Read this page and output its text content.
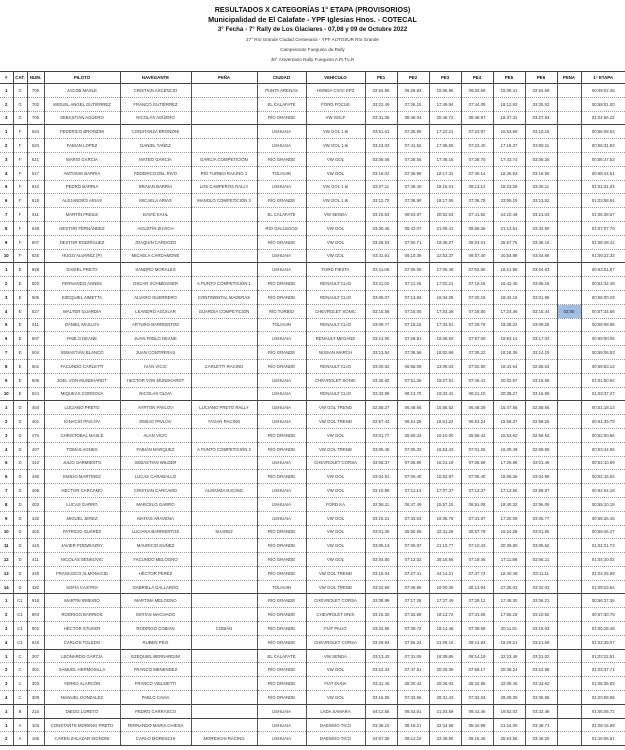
RESULTADOS X CATEGORÍAS 1° ETAPA (PROVISORIOS)
Municipalidad de El Calafate - YPF Iglesias Hnos. - COTECAL
3° Fecha - 7° Rally de Los Glaciares - 07,08 y 09 de Octubre 2022
27° Río Grande Ciudad Centenaria - YPF AUTOSUR Río Grande
Campeonato Fueguino de Rally
30° Aniversario Rally Fueguino A.Pi.Tu.R
#	CAT.	NÚM.	PILOTO	NAVEGANTE	PEÑA	CIUDAD	VEHÍCULO	PE1	PE2	PE3	PE4	PE5	PE6	PENA	1° ETAPA
1	G	706	JACOB MASLE	CRISTIAN ASCENCIO		PUNTA ARENAS	HONDA CIVIC EP3	02:52.86	06:28.84	15:06.96	06:32.69	15:08.41	02:52.69		00:49:02.45
2	G	702	MIGUEL ANGEL GUTIÉRREZ	FRANCO GUTIÉRREZ		EL CALAFATE	FORD FOCUS	03:22.46	07:26.15	17:49.94	07:44.09	19:12.83	03:25.53		00:59:01.00
3	G	705	SEBASTIÁN AGÜERO	NICOLÁS AGÜERO		RÍO GRANDE	VW GOLF	03:31.35	08:46.04	20:46.72	08:46.97	19:37.31	03:27.83		01:04:56.22
1	F	634	FEDERICO BRONZINI	CONSTANZA BRONZINI		USHUAIA	VW GOL 1.6i	03:51.61	07:26.90	17:22.21	07:23.97	16:53.69	03:10.15		00:56:08.53
2	F	633	FABIAN LOPEZ	DANIEL YAÑEZ		USHUAIA	VW GOL 1.6i	03:24.03	07:41.52	17:38.50	07:23.40	17:15.37	03:09.11		00:56:31.93
3	F	621	MARIO GARCÍA	MATEO GARCÍA	GARCÍA COMPETICIÓN	RÍO GRANDE	VW GOL	03:09.08	07:28.56	17:48.15	07:28.75	17:43.74	03:09.25		00:56:47.53
4	F	617	ANTONIO BARRÍA	FEDERICO DEL RIVO	RÍO TURBIO RACING 1	TOLHUIN	VW GOL	03:16.02	07:38.96	18:17.31	07:49.14	18:26.53	03:16.65		00:58:44.61
5	F	610	PEDRO BARRIA	BRAIAN BARRIA	LOS CAMPEROS RALLY	USHUAIA	VW GOL 1.6i	03:27.11	07:48.40	19:15.01	08:13.12	19:22.29	03:25.11		01:01:31.04
6	F	618	ALEJANDRO ARIAS	MICAELA ARIAS	MANOLO COMPETICIÓN 2	RÍO GRANDE	VW GOL 1.6i	03:12.70	07:38.90	18:17.55	07:36.78	23:59.19	03:13.52		01:03:58.64
7	F	611	MARTÍN FREILE	DAVID KAHL		EL CALAFATE	VW SENDA	03:19.83	08:03.97	20:02.63	07:41.62	24:10.49	03:21.03		01:06:39.57
8	F	638	NESTOR FERNÁNDEZ	AGUSTÍN ZUVICH		RÍO GALLEGOS	VW GOL	03:30.45	08:42.07	21:09.41	08:58.36	21:13.51	03:33.90		01:07:07.70
9	F	607	NESTOR RODRÍGUEZ	JOAQUÍN CARDOZO		RÍO GRANDE	VW GOL	03:25.53	07:50.71	18:35.27	08:03.01	26:57.75	03:36.15		01:08:28.42
10	F	625	HUGO ALVAREZ (P)	MICAELA CARDAMONE		USHUAIA	VW GOL	03:41.61	09:10.39	22:53.37	08:57.40	20:54.88	03:44.68		01:09:22.33
1	E	528	DANIEL PRETO	SANDRO MORALES		USHUAIA	FORD FIESTA	03:11.06	07:05.05	17:06.48	07:02.80	16:21.85	03:04.63		00:53:51.87
2	E	503	FERNANDO AGNES	OSCAR SCHMEISSER	A PUNTO COMPETICIÓN 1	RÍO GRANDE	RENAULT CLIO	03:11.02	07:11.46	17:02.21	07:19.18	16:42.40	03:06.18		00:54:32.45
3	E	506	EZEQUIEL AIMETTA	ALVARO GUERRERO	CONTINENTAL MADERAS	RÍO GRANDE	RENAULT CLIO	03:08.07	07:13.84	16:34.08	07:20.19	18:42.15	03:01.96		00:56:00.29
4	E	527	WALTER GUARDIA	LEANDRO AGUILAR	GUARDIA COMPETICIÓN	RÍO TURBIO	CHEVROLET SONIC	03:15.58	07:16.00	17:04.28	07:18.80	17:24.46	03:15.44	02:00	00:57:34.56
5	E	511	DANIEL MASLOV	ARTURO BARRIENTOS		TOLHUIN	RENAULT CLIO	03:09.77	07:18.15	17:33.81	07:29.78	19:28.22	03:09.25		00:58:08.98
6	E	507	PABLO DEANE	JUAN PABLO DEANE		USHUAIA	RENAULT MEGANE	03:14.05	07:29.91	18:08.92	07:57.00	18:53.14	03:17.03		00:59:00.05
7	E	504	SEBASTIÁN BLANCO	JUAN CONTRERAS		RÍO GRANDE	NISSAN MARCH	03:13.54	07:38.56	19:02.66	07:39.22	18:18.36	03:14.19		00:59:06.53
8	E	501	FACUNDO CARLETTI	IVÁN VICIC	CARLETTI RACING	RÍO GRANDE	RENAULT CLIO	03:00.02	06:58.09	23:09.03	07:02.80	16:44.64	02:58.54		00:59:53.12
9	E	508	JOEL VON MUNDHARDT	HECTOR VON MUNDHARDT		USHUAIA	CHEVROLET SONIC	03:25.82	07:51.35	19:27.81	07:46.41	20:02.57	03:16.96		01:01:50.92
10	E	524	MIQUEAS CORDOVA	NICOLAS OLIVA		USHUAIA	RENAULT CLIO	03:33.89	08:13.70	19:33.41	08:21.10	20:38.27	03:16.90		01:03:37.27
1	D	404	LUCIANO PRETO	AYRTON PAVLOV	LUCIANO PRETO RALLY	USHUAIA	VW GOL TREND	02:58.27	06:48.65	15:56.52	06:48.29	15:47.85	02:58.55		00:51:18.13
2	D	401	IGNACIO PAVLOV	EMILIO PAVLOV	YAGAN RACING	USHUAIA	VW GOL TREND	02:57.42	06:51.29	16:01.22	06:53.24	15:58.37	02:58.25		00:51:39.79
3	D	475	CHRISTOBAL MASLE	ALAN VICIC		RÍO GRANDE	VW GOL	03:01.77	06:59.33	16:10.00	06:56.42	15:53.62	02:59.52		00:52:00.66
4	D	407	TOMÁS AGNES	FABIÁN MARQUEZ	A PUNTO COMPETICIÓN 2	RÍO GRANDE	VW GOL TREND	03:05.45	07:05.33	16:53.43	07:01.26	16:39.49	02:59.90		00:53:44.86
5	D	410	JULIO SARMIENTO	SEBASTIÁN WILDER		USHUAIA	CHEVROLET CORSA	03:06.37	07:05.90	16:21.19	07:05.69	17:29.99	03:01.45		00:54:10.59
6	D	438	EMILIO MARTÍNEZ	LUCAS CARABALLO		RÍO GRANDE	VW GOL	03:04.81	07:06.40	16:52.97	07:08.40	16:58.36	03:04.99		00:54:15.93
7	D	406	HECTOR CARCAMO	CRISTIAN CARCAMO	ALMANZA RACING	USHUAIA	VW GOL	03:10.89	07:11.14	17:07.37	07:12.37	17:12.55	02:59.87		00:54:54.19
8	D	403	LUCAS GARRO	MARCELO GARRO		USHUAIA	FORD KA	02:58.11	06:47.46	15:57.15	06:51.08	19:40.32	02:56.06		00:55:10.18
9	D	432	MIGUEL JEREZ	MATIAS ARAVENA		USHUAIA	VW GOL	03:19.21	07:33.63	19:35.78	07:31.97	17:20.09	03:05.77		00:58:26.45
10	D	402	PATRICIO SUÁREZ	LUCIANA BARRIENTOS	SUÁREZ	RÍO GRANDE	VW GOL	03:01.30	06:50.06	22:31.29	06:57.79	16:24.28	03:01.55		00:58:46.27
11	D	415	JAVIER PODWIAZNY	MAURICIO NUÑEZ		RÍO GRANDE	VW GOL	03:05.13	07:09.97	21:10.77	07:10.43	20:39.80	03:05.62		01:02:21.72
12	D	411	NICOLÁS SENKOVIC	FACUNDO MELOGNO		RÍO GRANDE	VW GOL	03:04.80	07:12.02	26:15.66	07:19.45	17:11.88	03:06.21		01:04:10.02
13	D	448	FRANCISCO ALMONACID	HÉCTOR PEREZ		RÍO GRANDE	VW GOL TREND	03:15.04	07:27.41	24:14.21	07:37.73	18:40.49	03:11.11		01:04:25.99
14	D	420	SOFÍA CASTRO	GABRIELA GALLARDO		TOLHUIN	VW GOL TREND	03:22.69	07:48.95	19:00.30	08:13.94	27:26.03	03:32.03		01:09:23.94
1	C1	918	MARTÍN IRIBURO	MARTINA MELOGNO		RÍO GRANDE	CHEVROLET CORSA	03:08.99	07:17.28	17:37.46	07:29.12	17:48.30	03:06.21		00:56:27.36
2	C1	903	RODRIGO BARRIOS	MATÍAS MACHADO		RÍO GRANDE	CHEVROLET ONIX	03:16.30	07:32.89	18:13.72	07:31.06	17:56.19	03:10.62		00:57:40.78
3	C1	902	HÉCTOR STUKER	RODRIGO COBIÁN	COBIÁN	RÍO GRANDE	FIAT PALIO	03:22.86	07:39.72	18:14.48	07:39.68	20:11.81	03:19.93		01:00:28.48
4	C1	915	CARLOS TOLEDO	RUBEN PEIX		RÍO GRANDE	CHEVROLET CORSA	03:28.94	07:55.24	21:09.15	08:14.84	18:29.21	03:21.69		01:02:39.07
1	C	307	LEONARDO GARCÍA	EZEQUIEL BERNARDINI		EL CALAFATE	VW SENDA	03:13.43	07:31.06	18:39.65	08:14.19	22:23.46	03:21.02		01:03:22.81
2	C	301	SAMUEL HERMOSILLA	FRANCO MENENDEZ		RÍO GRANDE	VW GOL	03:22.33	07:47.61	20:28.38	07:58.17	20:38.24	03:22.98		01:03:37.71
3	C	303	YERKO ALARCÓN	FRANCO VIELMETTI		RÍO GRANDE	FIAT DUNA	03:31.46	08:30.42	20:28.02	08:22.85	22:08.46	03:34.62		01:06:35.83
4	C	308	MANUEL GONZALEZ	PABLO CAVIA		RÍO GRANDE	VW GOL	03:16.05	07:33.66	29:31.43	07:32.63	29:28.30	03:36.58		01:20:58.65
1	B	215	DIEGO LORETO	PEDRO CARRASCO		USHUAIA	LADA SAMARA	04:12.55	08:43.61	21:04.59	08:41.46	19:52.03	03:32.48		01:06:06.72
1	A	103	CONSTANTE MORENO PRETO	FERNANDO MARIA CHIESA		USHUAIA	DAEWOO TICO	03:36.10	08:19.21	22:34.68	08:42.99	21:24.00	03:38.71		01:08:15.69
2	A	105	CAREN ZALAZAR SIGNONI	CARLO MORESCHI	MORESCHI RACING	USHUAIA	DAEWOO TICO	04:07.35	09:12.10	22:49.90	09:16.45	25:53.56	03:46.25		01:15:05.61
